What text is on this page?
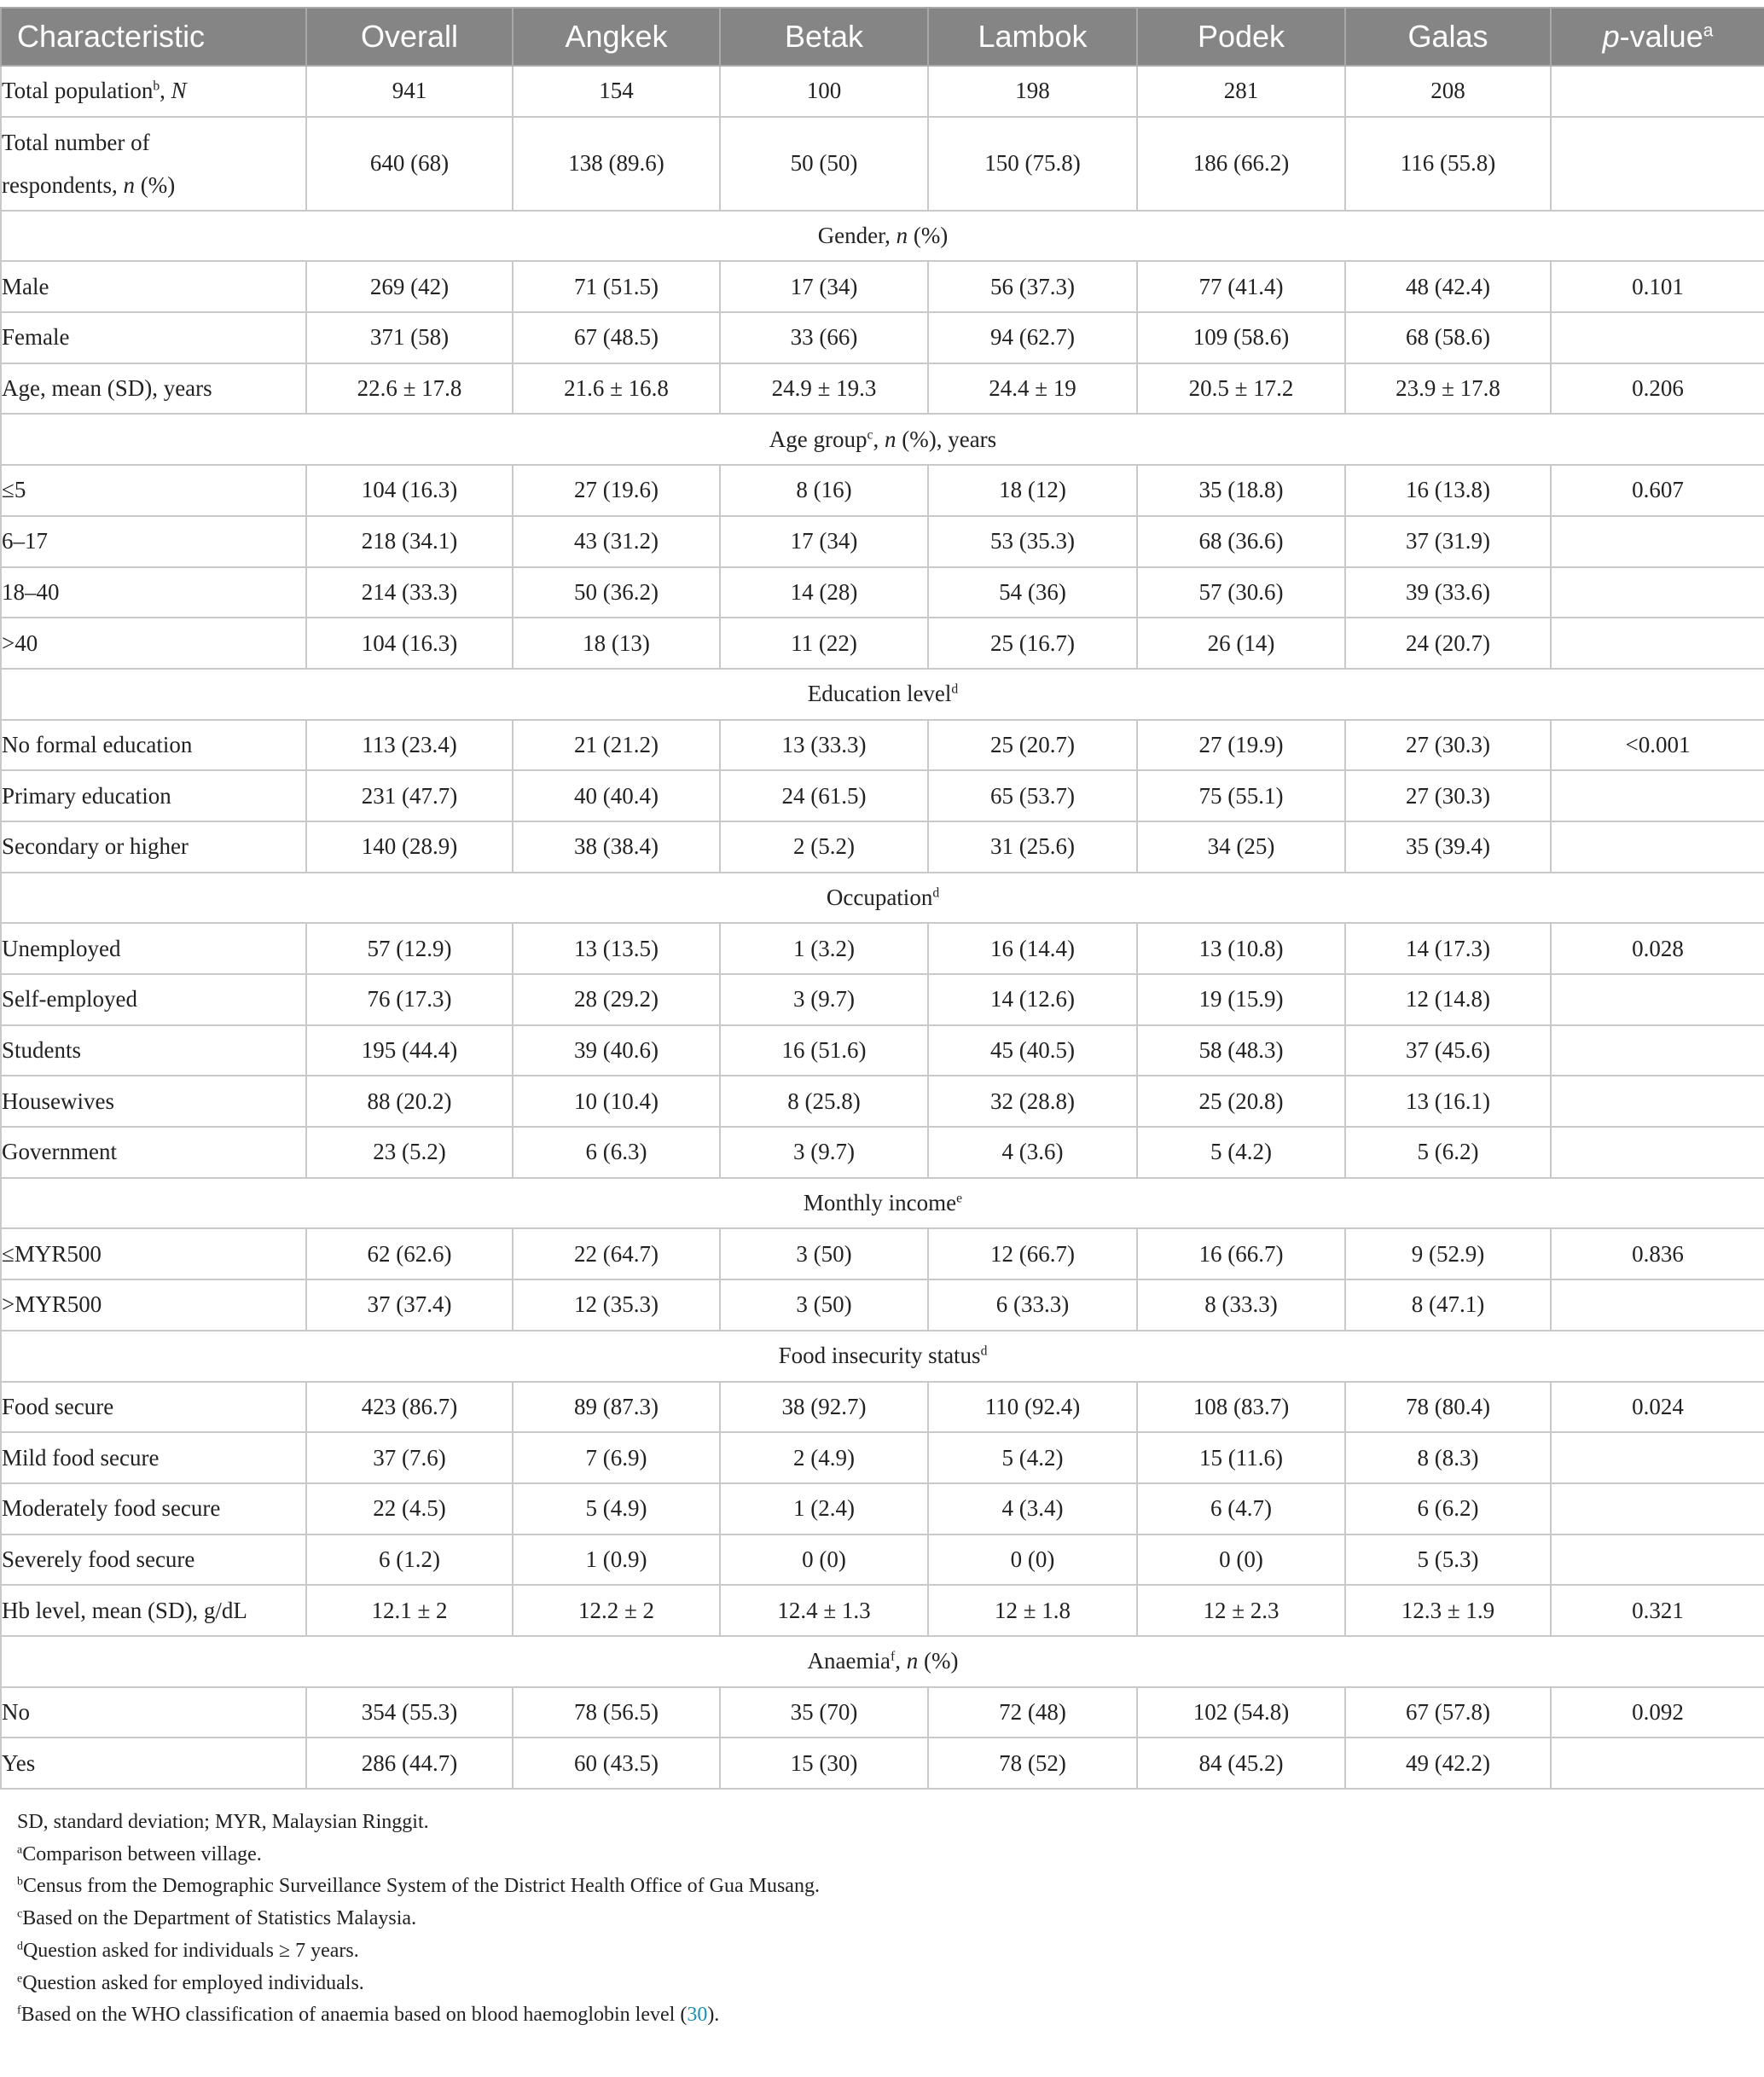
Characteristic	Overall	Angkek	Betak	Lambok	Podek	Galas	p-value$^a$
Total population$^b$, N	941	154	100	198	281	208	
Total number of
respondents, n (%)	640 (68)	138 (89.6)	50 (50)	150 (75.8)	186 (66.2)	116 (55.8)	
Gender, n (%)							
Male	269 (42)	71 (51.5)	17 (34)	56 (37.3)	77 (41.4)	48 (42.4)	0.101
Female	371 (58)	67 (48.5)	33 (66)	94 (62.7)	109 (58.6)	68 (58.6)	
Age, mean (SD), years	22.6 ± 17.8	21.6 ± 16.8	24.9 ± 19.3	24.4 ± 19	20.5 ± 17.2	23.9 ± 17.8	0.206
Age group$^c$, n (%), years							
≤5	104 (16.3)	27 (19.6)	8 (16)	18 (12)	35 (18.8)	16 (13.8)	0.607
6–17	218 (34.1)	43 (31.2)	17 (34)	53 (35.3)	68 (36.6)	37 (31.9)	
18–40	214 (33.3)	50 (36.2)	14 (28)	54 (36)	57 (30.6)	39 (33.6)	
>40	104 (16.3)	18 (13)	11 (22)	25 (16.7)	26 (14)	24 (20.7)	
Education level$^d$
No formal education	113 (23.4)	21 (21.2)	13 (33.3)	25 (20.7)	27 (19.9)	27 (30.3)	<0.001
Primary education	231 (47.7)	40 (40.4)	24 (61.5)	65 (53.7)	75 (55.1)	27 (30.3)	
Secondary or higher	140 (28.9)	38 (38.4)	2 (5.2)	31 (25.6)	34 (25)	35 (39.4)	
Occupation$^d$
Unemployed	57 (12.9)	13 (13.5)	1 (3.2)	16 (14.4)	13 (10.8)	14 (17.3)	0.028
Self-employed	76 (17.3)	28 (29.2)	3 (9.7)	14 (12.6)	19 (15.9)	12 (14.8)	
Students	195 (44.4)	39 (40.6)	16 (51.6)	45 (40.5)	58 (48.3)	37 (45.6)	
Housewives	88 (20.2)	10 (10.4)	8 (25.8)	32 (28.8)	25 (20.8)	13 (16.1)	
Government	23 (5.2)	6 (6.3)	3 (9.7)	4 (3.6)	5 (4.2)	5 (6.2)	
Monthly income$^e$
≤MYR500	62 (62.6)	22 (64.7)	3 (50)	12 (66.7)	16 (66.7)	9 (52.9)	0.836
>MYR500	37 (37.4)	12 (35.3)	3 (50)	6 (33.3)	8 (33.3)	8 (47.1)	
Food insecurity status$^d$
Food secure	423 (86.7)	89 (87.3)	38 (92.7)	110 (92.4)	108 (83.7)	78 (80.4)	0.024
Mild food secure	37 (7.6)	7 (6.9)	2 (4.9)	5 (4.2)	15 (11.6)	8 (8.3)	
Moderately food secure	22 (4.5)	5 (4.9)	1 (2.4)	4 (3.4)	6 (4.7)	6 (6.2)	
Severely food secure	6 (1.2)	1 (0.9)	0 (0)	0 (0)	0 (0)	5 (5.3)	
Hb level, mean (SD), g/dL	12.1 ± 2	12.2 ± 2	12.4 ± 1.3	12 ± 1.8	12 ± 2.3	12.3 ± 1.9	0.321
Anaemia$^f$, n (%)							
No	354 (55.3)	78 (56.5)	35 (70)	72 (48)	102 (54.8)	67 (57.8)	0.092
Yes	286 (44.7)	60 (43.5)	15 (30)	78 (52)	84 (45.2)	49 (42.2)	
SD, standard deviation; MYR, Malaysian Ringgit.
$^a$Comparison between village.
$^b$Census from the Demographic Surveillance System of the District Health Office of Gua Musang.
$^c$Based on the Department of Statistics Malaysia.
$^d$Question asked for individuals ≥ 7 years.
$^e$Question asked for employed individuals.
$^f$Based on the WHO classification of anaemia based on blood haemoglobin level (30).
